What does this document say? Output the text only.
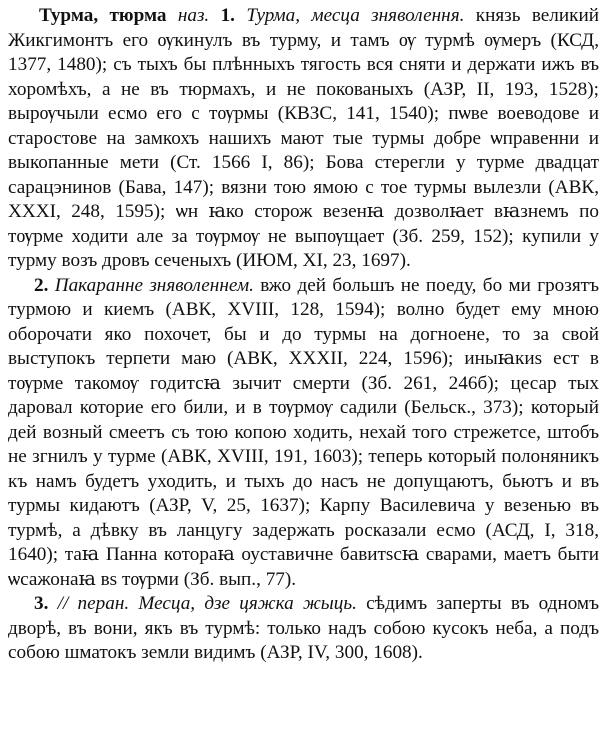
Турма, тюрма наз. 1. Турма, месца зняволення. князь великий Жикгимонтъ его ѹкинулъ въ турму, и тамъ ѹ турмѣ ѹмеръ (КСД, 1377, 1480); съ тыхъ бы плѣнныхъ тягость вся сняти и держати ижъ въ хоромѣхъ, а не въ тюрмахъ, и не покованыхъ (АЗР, II, 193, 1528); вырѹчыли есмо его с тѹрмы (КВЗС, 141, 1540); пѡве воеводове и старостове на замкохъ нашихъ мают тые турмы добре ѡправенни и выкопанные мети (Ст. 1566 I, 86); Бова стерегли у турме двадцат сарацэнинов (Бава, 147); вязни тою ямою с тое турмы вылезли (АВК, XXXI, 248, 1595); ѡн ꙗко сторож везенꙗ дозволꙗет вꙗзнемъ по тѹрме ходити але за тѹрмѹ не выпѹщает (Зб. 259, 152); купили у турму возъ дровъ сеченыхъ (ИЮМ, XI, 23, 1697).

2. Пакаранне зняволеннем. вжо дей большъ не поеду, бо ми грозятъ турмою и киемъ (АВК, XVIII, 128, 1594); волно будет ему мною оборочати яко похочет, бы и до турмы на догноене, то за свой выступокъ терпети маю (АВК, XXXII, 224, 1596); иныꙗкиѕ ест в тѹрме такомѹ годитсꙗ зычит смерти (Зб. 261, 246б); цесар тых даровал которие его били, и в тѹрмѹ садили (Бельск., 373); который дей возный смеетъ съ тою копою ходить, нехай того стрежетсе, штобъ не згнилъ у турме (АВК, XVIII, 191, 1603); теперь который полоняникъ къ намъ будетъ уходить, и тыхъ до насъ не допущаютъ, бьютъ и въ турмы кидаютъ (АЗР, V, 25, 1637); Карпу Василевича у везенью въ турмѣ, а дѣвку въ ланцугу задержать росказали есмо (АСД, I, 318, 1640); таꙗ Панна котораꙗ оуставичне бавитѕсꙗ сварами, маетъ быти ѡсажонаꙗ вѕ тѹрми (Зб. вып., 77).

3. // перан. Месца, дзе цяжка жыць. сѣдимъ заперты въ одномъ дворѣ, въ вони, якъ въ турмѣ: только надъ собою кусокъ неба, а подъ собою шматокъ земли видимъ (АЗР, IV, 300, 1608).
